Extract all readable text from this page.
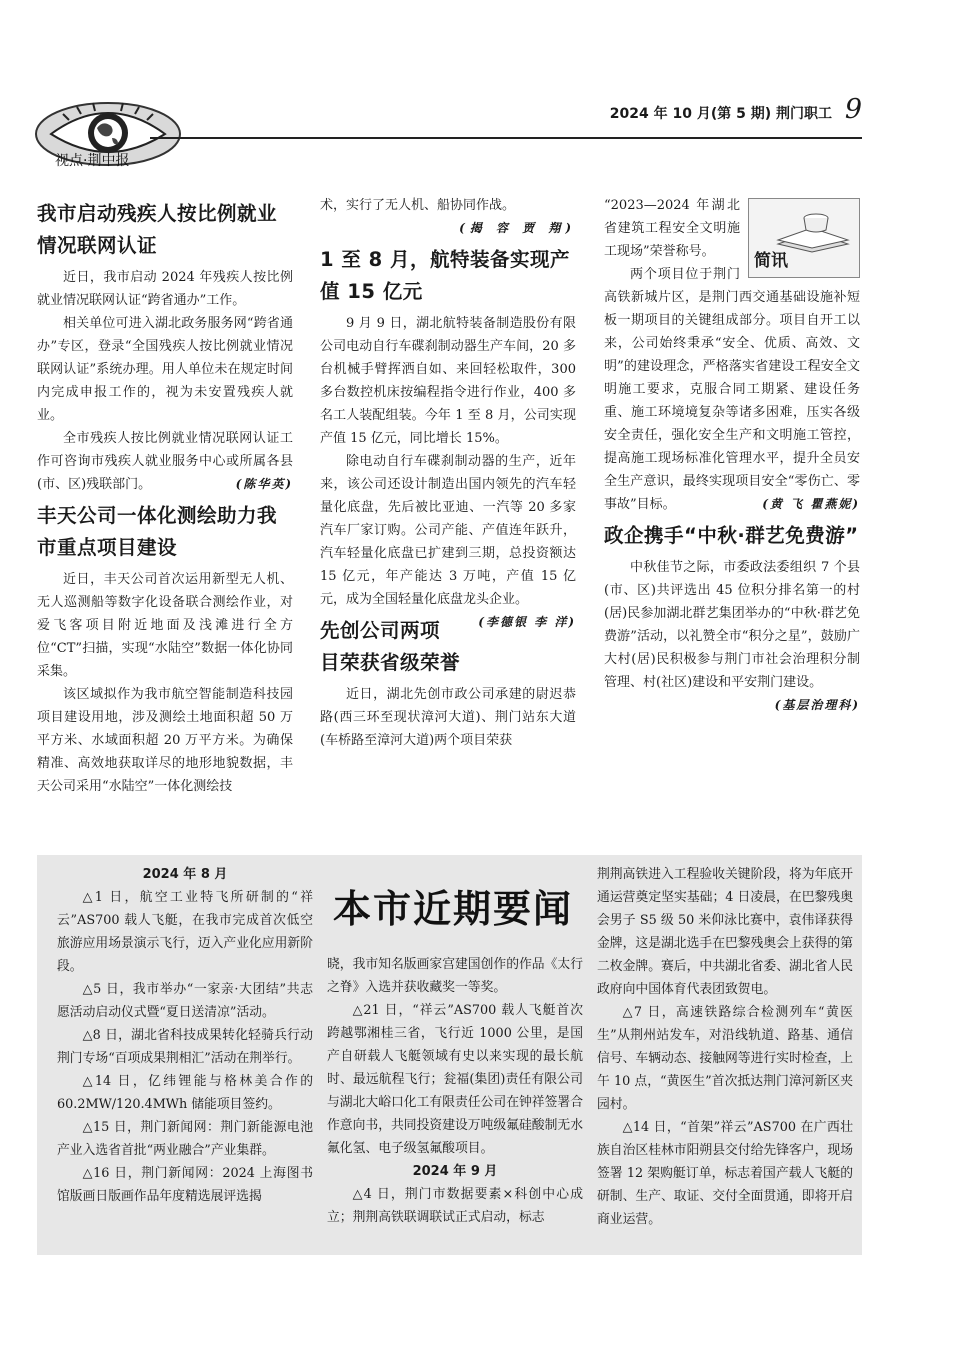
视点·荆中报
2024 年 10 月(第 5 期) 荆门职工 9
我市启动残疾人按比例就业情况联网认证

近日，我市启动 2024 年残疾人按比例就业情况联网认证“跨省通办”工作。

相关单位可进入湖北政务服务网“跨省通办”专区，登录“全国残疾人按比例就业情况联网认证”系统办理。用人单位未在规定时间内完成申报工作的，视为未安置残疾人就业。

全市残疾人按比例就业情况联网认证工作可咨询市残疾人就业服务中心或所属各县(市、区)残联部门。	(陈华英)

丰天公司一体化测绘助力我市重点项目建设

近日，丰天公司首次运用新型无人机、无人巡测船等数字化设备联合测绘作业，对爱飞客项目附近地面及浅滩进行全方位“CT”扫描，实现“水陆空”数据一体化协同采集。

该区域拟作为我市航空智能制造科技园项目建设用地，涉及测绘土地面积超 50 万平方米、水域面积超 20 万平方米。为确保精准、高效地获取详尽的地形地貌数据，丰天公司采用“水陆空”一体化测绘技

术，实行了无人机、船协同作战。

(揭 容 贾 翔)
1 至 8 月，航特装备实现产值 15 亿元

9 月 9 日，湖北航特装备制造股份有限公司电动自行车碟刹制动器生产车间，20 多台机械手臂挥洒自如、来回轻松取件，300 多台数控机床按编程指令进行作业，400 多名工人装配组装。今年 1 至 8 月，公司实现产值 15 亿元，同比增长 15%。

除电动自行车碟刹制动器的生产，近年来，该公司还设计制造出国内领先的汽车轻量化底盘，先后被比亚迪、一汽等 20 多家汽车厂家订购。公司产能、产值连年跃升，汽车轻量化底盘已扩建到三期，总投资额达 15 亿元，年产能达 3 万吨，产值 15 亿元，成为全国轻量化底盘龙头企业。
(李德银 李 洋)

先创公司两项目荣获省级荣誉

近日，湖北先创市政公司承建的尉迟恭路(西三环至现状漳河大道)、荆门站东大道(车桥路至漳河大道)两个项目荣获

简讯

“2023—2024 年湖北省建筑工程安全文明施工现场”荣誉称号。

两个项目位于荆门高铁新城片区，是荆门西交通基础设施补短板一期项目的关键组成部分。项目自开工以来，公司始终秉承“安全、优质、高效、文明”的建设理念，严格落实省建设工程安全文明施工要求，克服合同工期紧、建设任务重、施工环境境复杂等诸多困难，压实各级安全责任，强化安全生产和文明施工管控，提高施工现场标准化管理水平，提升全员安全生产意识，最终实现项目安全“零伤亡、零事故”目标。	(黄 飞 瞿燕妮)

政企携手“中秋·群艺免费游”

中秋佳节之际，市委政法委组织 7 个县(市、区)共评选出 45 位积分排名第一的村(居)民参加湖北群艺集团举办的“中秋·群艺免费游”活动，以礼赞全市“积分之星”，鼓励广大村(居)民积极参与荆门市社会治理积分制管理、村(社区)建设和平安荆门建设。
(基层治理科)

本市近期要闻

2024 年 8 月

△1 日，航空工业特飞所研制的“祥云”AS700 载人飞艇，在我市完成首次低空旅游应用场景演示飞行，迈入产业化应用新阶段。

△5 日，我市举办“一家亲·大团结”共志愿活动启动仪式暨“夏日送清凉”活动。

△8 日，湖北省科技成果转化轻骑兵行动荆门专场“百项成果荆相汇”活动在荆举行。

△14 日，亿纬锂能与格林美合作的 60.2MW/120.4MWh 储能项目签约。

△15 日，荆门新闻网：荆门新能源电池产业入选省首批“两业融合”产业集群。

△16 日，荆门新闻网：2024 上海图书馆版画日版画作品年度精选展评选揭

晓，我市知名版画家宫建国创作的作品《太行之脊》入选并获收藏奖一等奖。

△21 日，“祥云”AS700 载人飞艇首次跨越鄂湘桂三省，飞行近 1000 公里，是国产自研载人飞艇领域有史以来实现的最长航时、最远航程飞行；瓮福(集团)责任有限公司与湖北大峪口化工有限责任公司在钟祥签署合作意向书，共同投资建设万吨级氟硅酸制无水氟化氢、电子级氢氟酸项目。

2024 年 9 月

△4 日，荆门市数据要素×科创中心成立；荆荆高铁联调联试正式启动，标志

荆荆高铁进入工程验收关键阶段，将为年底开通运营奠定坚实基础；4 日凌晨，在巴黎残奥会男子 S5 级 50 米仰泳比赛中，袁伟译获得金牌，这是湖北选手在巴黎残奥会上获得的第二枚金牌。赛后，中共湖北省委、湖北省人民政府向中国体育代表团致贺电。

△7 日，高速铁路综合检测列车“黄医生”从荆州站发车，对沿线轨道、路基、通信信号、车辆动态、接触网等进行实时检查，上午 10 点，“黄医生”首次抵达荆门漳河新区夹园村。

△14 日，“首架”祥云”AS700 在广西壮族自治区桂林市阳朔县交付给先锋客户，现场签署 12 架购艇订单，标志着国产载人飞艇的研制、生产、取证、交付全面贯通，即将开启商业运营。
